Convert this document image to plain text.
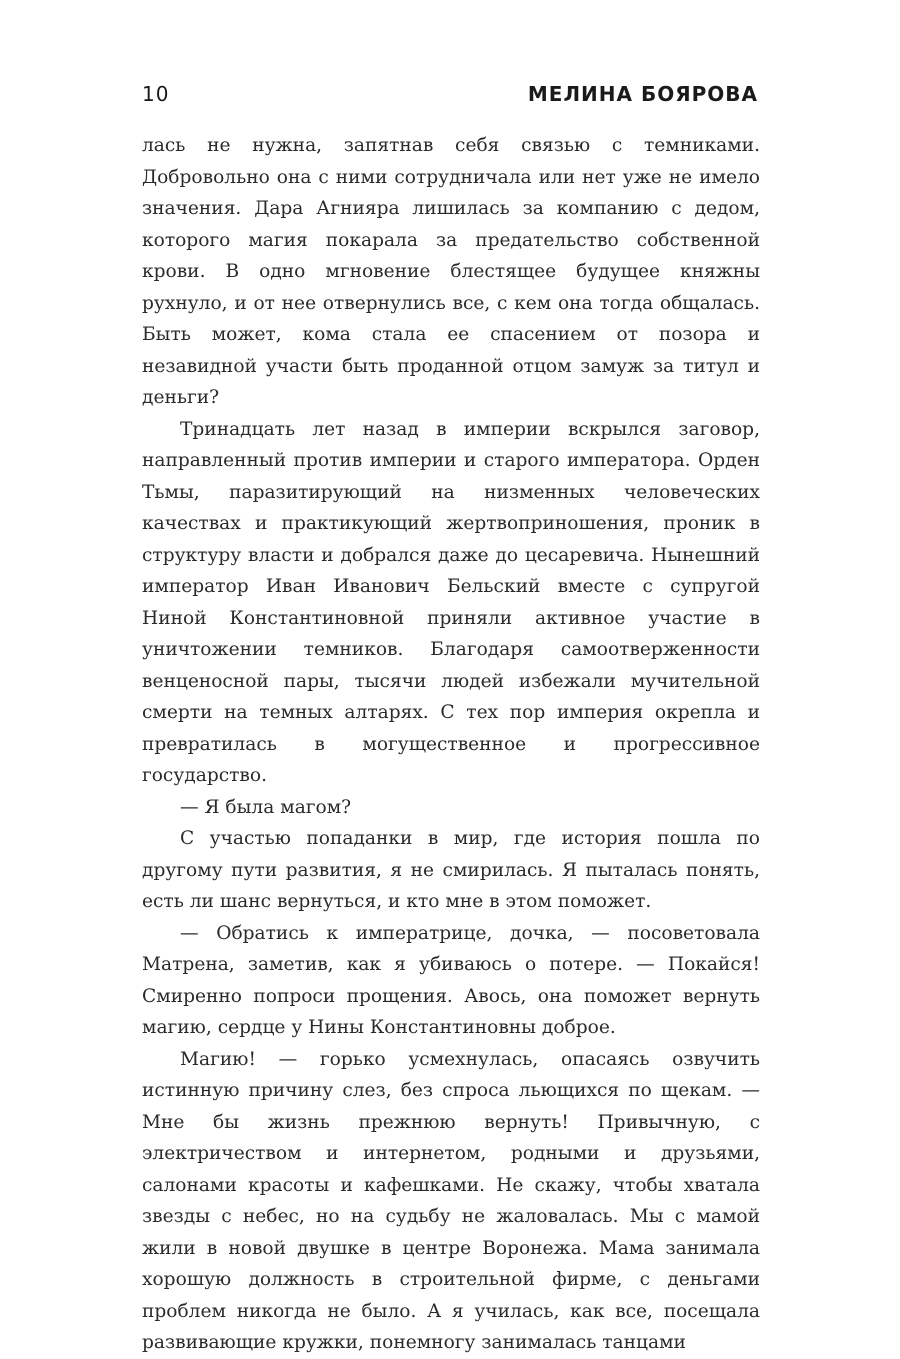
10	МЕЛИНА БОЯРОВА

лась не нужна, запятнав себя связью с темниками. Добровольно она с ними сотрудничала или нет уже не имело значения. Дара Агнияра лишилась за компанию с дедом, которого магия покарала за предательство собственной крови. В одно мгновение блестящее будущее княжны рухнуло, и от нее отвернулись все, с кем она тогда общалась. Быть может, кома стала ее спасением от позора и незавидной участи быть проданной отцом замуж за титул и деньги?

Тринадцать лет назад в империи вскрылся заговор, направленный против империи и старого императора. Орден Тьмы, паразитирующий на низменных человеческих качествах и практикующий жертвоприношения, проник в структуру власти и добрался даже до цесаревича. Нынешний император Иван Иванович Бельский вместе с супругой Ниной Константиновной приняли активное участие в уничтожении темников. Благодаря самоотверженности венценосной пары, тысячи людей избежали мучительной смерти на темных алтарях. С тех пор империя окрепла и превратилась в могущественное и прогрессивное государство.

— Я была магом?

С участью попаданки в мир, где история пошла по другому пути развития, я не смирилась. Я пыталась понять, есть ли шанс вернуться, и кто мне в этом поможет.

— Обратись к императрице, дочка, — посоветовала Матрена, заметив, как я убиваюсь о потере. — Покайся! Смиренно попроси прощения. Авось, она поможет вернуть магию, сердце у Нины Константиновны доброе.

Магию! — горько усмехнулась, опасаясь озвучить истинную причину слез, без спроса льющихся по щекам. — Мне бы жизнь прежнюю вернуть! Привычную, с электричеством и интернетом, родными и друзьями, салонами красоты и кафешками. Не скажу, чтобы хватала звезды с небес, но на судьбу не жаловалась. Мы с мамой жили в новой двушке в центре Воронежа. Мама занимала хорошую должность в строительной фирме, с деньгами проблем никогда не было. А я училась, как все, посещала развивающие кружки, понемногу занималась танцами
